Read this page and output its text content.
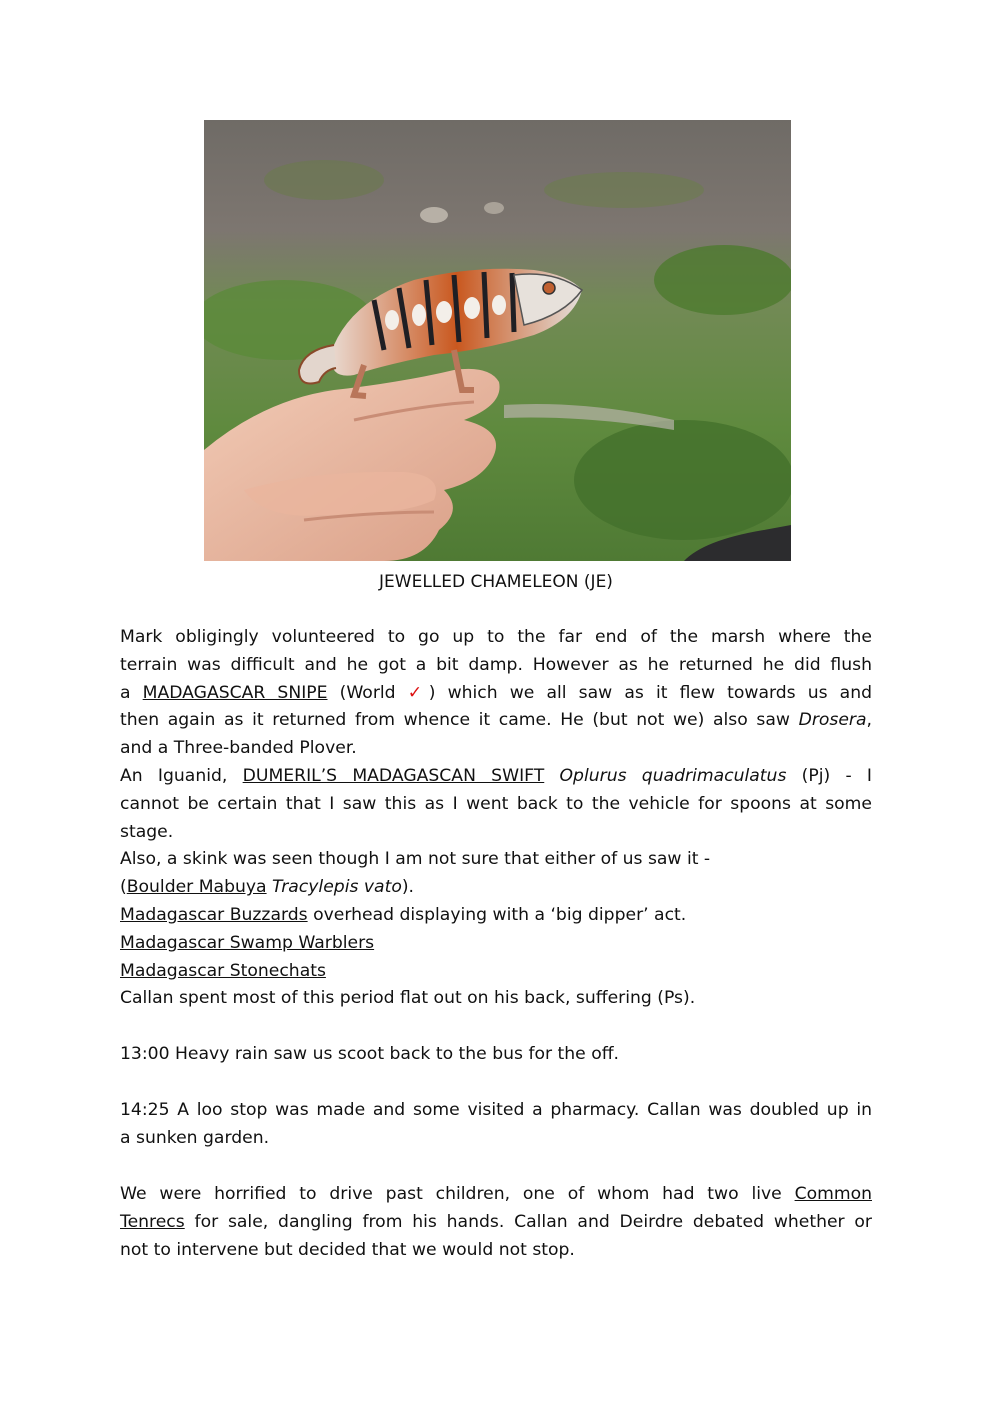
JEWELLED CHAMELEON (JE)

Mark obligingly volunteered to go up to the far end of the marsh where the

terrain was difficult and he got a bit damp. However as he returned he did flush

a MADAGASCAR SNIPE (World ✓) which we all saw as it flew towards us and

then again as it returned from whence it came. He (but not we) also saw Drosera,

and a Three-banded Plover.

An Iguanid, DUMERIL’S MADAGASCAN SWIFT Oplurus quadrimaculatus (Pj) - I

cannot be certain that I saw this as I went back to the vehicle for spoons at some

stage.

Also, a skink was seen though I am not sure that either of us saw it -

(Boulder Mabuya Tracylepis vato).

Madagascar Buzzards overhead displaying with a ‘big dipper’ act.

Madagascar Swamp Warblers

Madagascar Stonechats

Callan spent most of this period flat out on his back, suffering (Ps).

13:00 Heavy rain saw us scoot back to the bus for the off.

14:25 A loo stop was made and some visited a pharmacy. Callan was doubled up in

a sunken garden.

We were horrified to drive past children, one of whom had two live Common

Tenrecs for sale, dangling from his hands. Callan and Deirdre debated whether or

not to intervene but decided that we would not stop.
